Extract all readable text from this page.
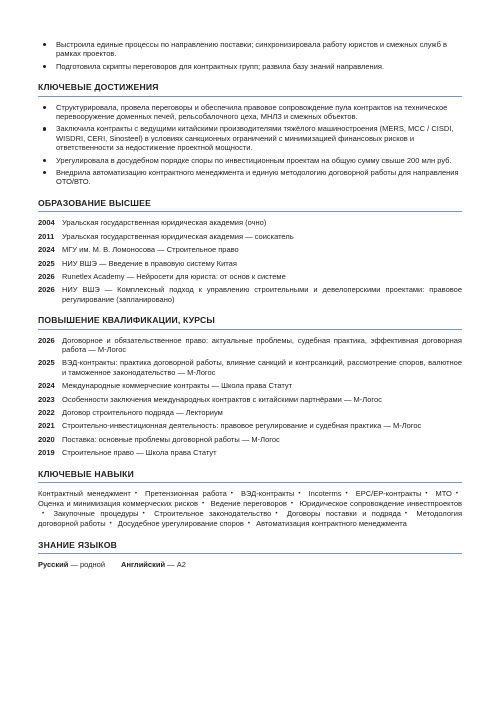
Выстроила единые процессы по направлению поставки; синхронизировала работу юристов и смежных служб в рамках проектов.
Подготовила скрипты переговоров для контрактных групп; развила базу знаний направления.
КЛЮЧЕВЫЕ ДОСТИЖЕНИЯ
Структурировала, провела переговоры и обеспечила правовое сопровождение пула контрактов на техническое перевооружение доменных печей, рельсобалочного цеха, МНЛЗ и смежных объектов.
Заключила контракты с ведущими китайскими производителями тяжёлого машиностроения (MERS, MCC / CISDI, WISDRI, CERI, Sinosteel) в условиях санкционных ограничений с минимизацией финансовых рисков и ответственности за недостижение проектной мощности.
Урегулировала в досудебном порядке споры по инвестиционным проектам на общую сумму свыше 200 млн руб.
Внедрила автоматизацию контрактного менеджмента и единую методологию договорной работы для направления ОТО/ВТО.
ОБРАЗОВАНИЕ ВЫСШЕЕ
2004 Уральская государственная юридическая академия (очно)
2011	Уральская государственная юридическая академия — соискатель
2024 МГУ им. М. В. Ломоносова — Строительное право
2025 НИУ ВШЭ — Введение в правовую систему Китая
2026 Runetlex Academy — Нейросети для юриста: от основ к системе
2026 НИУ ВШЭ — Комплексный подход к управлению строительными и девелоперскими проектами: правовое регулирование (запланировано)
ПОВЫШЕНИЕ КВАЛИФИКАЦИИ, КУРСЫ
2026 Договорное и обязательственное право: актуальные проблемы, судебная практика, эффективная договорная работа — М-Логос
2025 ВЭД-контракты: практика договорной работы, влияние санкций и контрсанкций, рассмотрение споров, валютное и таможенное законодательство — М-Логос
2024 Международные коммерческие контракты — Школа права Статут
2023 Особенности заключения международных контрактов с китайскими партнёрами — М-Логос
2022 Договор строительного подряда — Лекториум
2021 Строительно-инвестиционная деятельность: правовое регулирование и судебная практика — М-Логос
2020 Поставка: основные проблемы договорной работы — М-Логос
2019 Строительное право — Школа права Статут
КЛЮЧЕВЫЕ НАВЫКИ
Контрактный менеджмент • Претензионная работа • ВЭД-контракты • Incoterms • EPC/EP-контракты • МТО • Оценка и минимизация коммерческих рисков • Ведение переговоров • Юридическое сопровождение инвестпроектов• Закупочные процедуры • Строительное законодательство • Договоры поставки и подряда • Методология договорной работы • Досудебное урегулирование споров • Автоматизация контрактного менеджмента
ЗНАНИЕ ЯЗЫКОВ
Русский — родной Английский — A2
